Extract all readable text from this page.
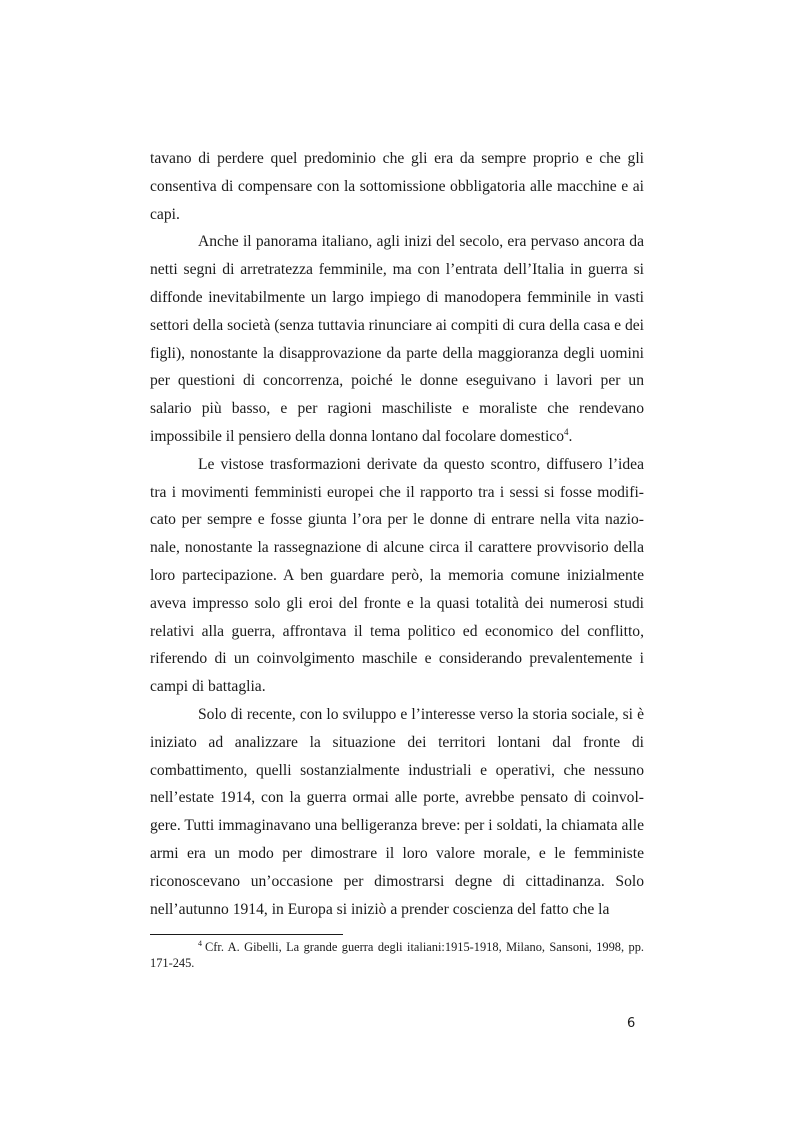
tavano di perdere quel predominio che gli era da sempre proprio e che gli consentiva di compensare con la sottomissione obbligatoria alle macchine e ai capi.

Anche il panorama italiano, agli inizi del secolo, era pervaso ancora da netti segni di arretratezza femminile, ma con l’entrata dell’Italia in guerra si diffonde inevitabilmente un largo impiego di manodopera femminile in vasti settori della società (senza tuttavia rinunciare ai compiti di cura della casa e dei figli), nonostante la disapprovazione da parte della maggioranza degli uomini per questioni di concorrenza, poiché le donne eseguivano i lavori per un salario più basso, e per ragioni maschiliste e moraliste che rendevano impossibile il pensiero della donna lontano dal focolare domestico$^4$.

Le vistose trasformazioni derivate da questo scontro, diffusero l’idea tra i movimenti femministi europei che il rapporto tra i sessi si fosse modificato per sempre e fosse giunta l’ora per le donne di entrare nella vita nazionale, nonostante la rassegnazione di alcune circa il carattere provvisorio della loro partecipazione. A ben guardare però, la memoria comune inizialmente aveva impresso solo gli eroi del fronte e la quasi totalità dei numerosi studi relativi alla guerra, affrontava il tema politico ed economico del conflitto, riferendo di un coinvolgimento maschile e considerando prevalentemente i campi di battaglia.

Solo di recente, con lo sviluppo e l’interesse verso la storia sociale, si è iniziato ad analizzare la situazione dei territori lontani dal fronte di combattimento, quelli sostanzialmente industriali e operativi, che nessuno nell’estate 1914, con la guerra ormai alle porte, avrebbe pensato di coinvolgere. Tutti immaginavano una belligeranza breve: per i soldati, la chiamata alle armi era un modo per dimostrare il loro valore morale, e le femministe riconoscevano un’occasione per dimostrarsi degne di cittadinanza. Solo nell’autunno 1914, in Europa si iniziò a prender coscienza del fatto che la

$^4$ Cfr. A. Gibelli, La grande guerra degli italiani:1915-1918, Milano, Sansoni, 1998, pp. 171-245.

6
